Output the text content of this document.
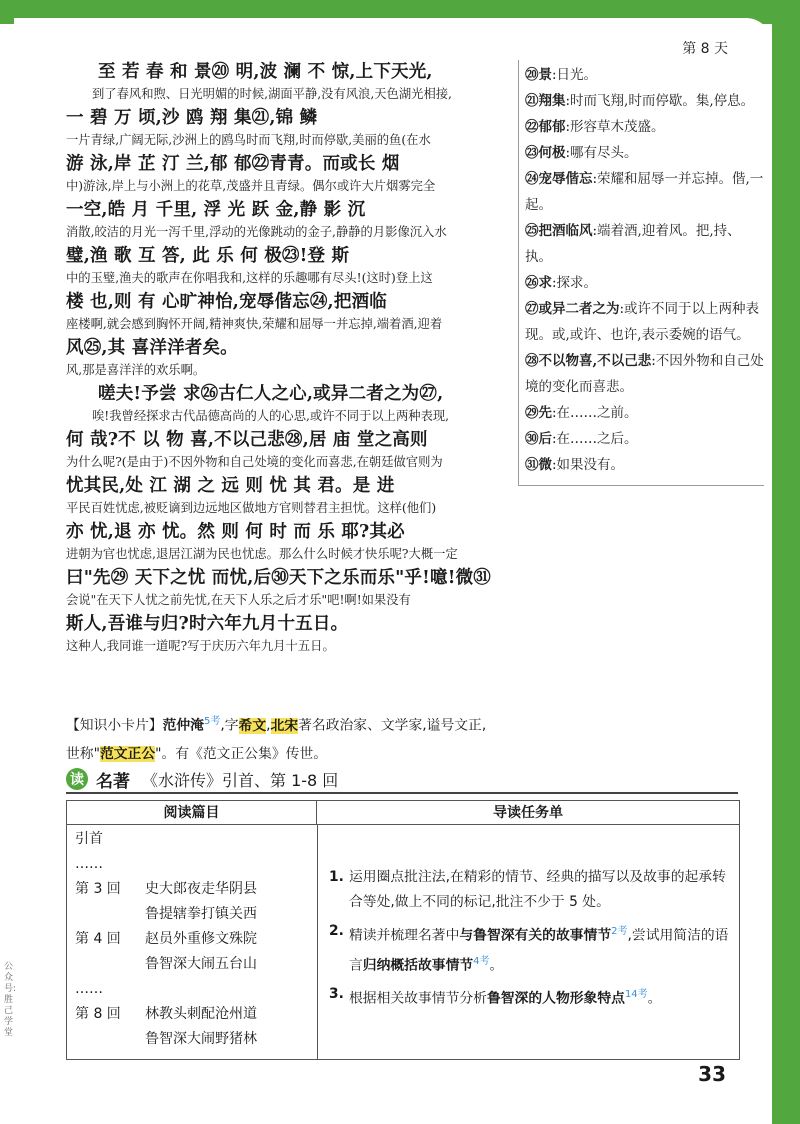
第 8 天
至 若 春 和 景⑳ 明,波 澜 不 惊,上下天光,
到了春风和煦、日光明媚的时候,湖面平静,没有风浪,天色湖光相接,
一 碧 万 顷,沙 鸥 翔 集㉑,锦 鳞
一片青绿,广阔无际,沙洲上的鸥鸟时而飞翔,时而停歇,美丽的鱼(在水
游 泳,岸 芷 汀 兰,郁 郁㉒青青。而或长 烟
中)游泳,岸上与小洲上的花草,茂盛并且青绿。偶尔或许大片烟雾完全
一空,皓 月 千里, 浮 光 跃 金,静 影 沉
消散,皎洁的月光一泻千里,浮动的光像跳动的金子,静静的月影像沉入水
璧,渔 歌 互 答, 此 乐 何 极㉓!登 斯
中的玉璧,渔夫的歌声在你唱我和,这样的乐趣哪有尽头!(这时)登上这
楼 也,则 有 心旷神怡,宠辱偕忘㉔,把酒临
座楼啊,就会感到胸怀开阔,精神爽快,荣耀和屈辱一并忘掉,端着酒,迎着
风㉕,其 喜洋洋者矣。
风,那是喜洋洋的欢乐啊。
嗟夫!予尝 求㉖古仁人之心,或异二者之为㉗,
唉!我曾经探求古代品德高尚的人的心思,或许不同于以上两种表现,
何 哉?不 以 物 喜,不以己悲㉘,居 庙 堂之高则
为什么呢?(是由于)不因外物和自己处境的变化而喜悲,在朝廷做官则为
忧其民,处 江 湖 之 远 则 忧 其 君。是 进
平民百姓忧虑,被贬谪到边远地区做地方官则替君主担忧。这样(他们)
亦 忧,退 亦 忧。然 则 何 时 而 乐 耶?其必
进朝为官也忧虑,退居江湖为民也忧虑。那么什么时候才快乐呢?大概一定
曰"先㉙ 天下之忧 而忧,后㉚天下之乐而乐"乎!噫!微㉛
会说"在天下人忧之前先忧,在天下人乐之后才乐"吧!啊!如果没有
斯人,吾谁与归?时六年九月十五日。
这种人,我同谁一道呢?写于庆历六年九月十五日。
⑳景:日光。
㉑翔集:时而飞翔,时而停歇。集,停息。
㉒郁郁:形容草木茂盛。
㉓何极:哪有尽头。
㉔宠辱偕忘:荣耀和屈辱一并忘掉。偕,一起。
㉕把酒临风:端着酒,迎着风。把,持、执。
㉖求:探求。
㉗或异二者之为:或许不同于以上两种表现。或,或许、也许,表示委婉的语气。
㉘不以物喜,不以己悲:不因外物和自己处境的变化而喜悲。
㉙先:在……之前。
㉚后:在……之后。
㉛微:如果没有。
【知识小卡片】范仲淹$^{5考}$,字希文,北宋著名政治家、文学家,谥号文正,
世称"范文正公"。有《范文正公集》传世。
读 名著 《水浒传》引首、第 1-8 回
阅读篇目	导读任务单
引首
……
第 3 回	史大郎夜走华阴县
鲁提辖拳打镇关西
第 4 回	赵员外重修文殊院
鲁智深大闹五台山
……
第 8 回	林教头刺配沧州道
鲁智深大闹野猪林
1. 运用圈点批注法,在精彩的情节、经典的描写以及故事的起承转合等处,做上不同的标记,批注不少于 5 处。
2. 精读并梳理名著中与鲁智深有关的故事情节$^{2考}$,尝试用简洁的语言归纳概括故事情节$^{4考}$。
3. 根据相关故事情节分析鲁智深的人物形象特点$^{14考}$。
33
公众号:胜己学堂
